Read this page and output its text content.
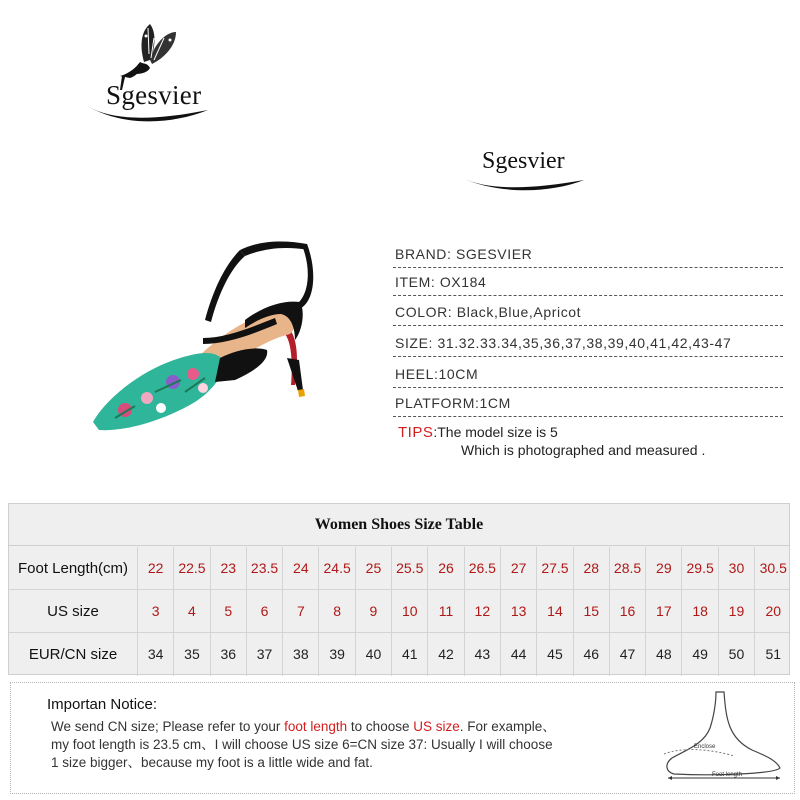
Sgesvier
Sgesvier
BRAND: SGESVIER
ITEM: OX184
COLOR: Black,Blue,Apricot
SIZE: 31.32.33.34,35,36,37,38,39,40,41,42,43-47
HEEL:10CM
PLATFORM:1CM
TIPS:The model size is 5
Which is photographed and measured .
Women Shoes Size Table
Foot Length(cm)	22	22.5	23	23.5	24	24.5	25	25.5	26	26.5	27	27.5	28	28.5	29	29.5	30	30.5
US size	3	4	5	6	7	8	9	10	11	12	13	14	15	16	17	18	19	20
EUR/CN size	34	35	36	37	38	39	40	41	42	43	44	45	46	47	48	49	50	51
Importan Notice:
We send CN size; Please refer to your foot length to choose US size. For example、
my foot length is 23.5 cm、I will choose US size 6=CN size 37: Usually I will choose
1 size bigger、because my foot is a little wide and fat.
Enclose
Foot length
